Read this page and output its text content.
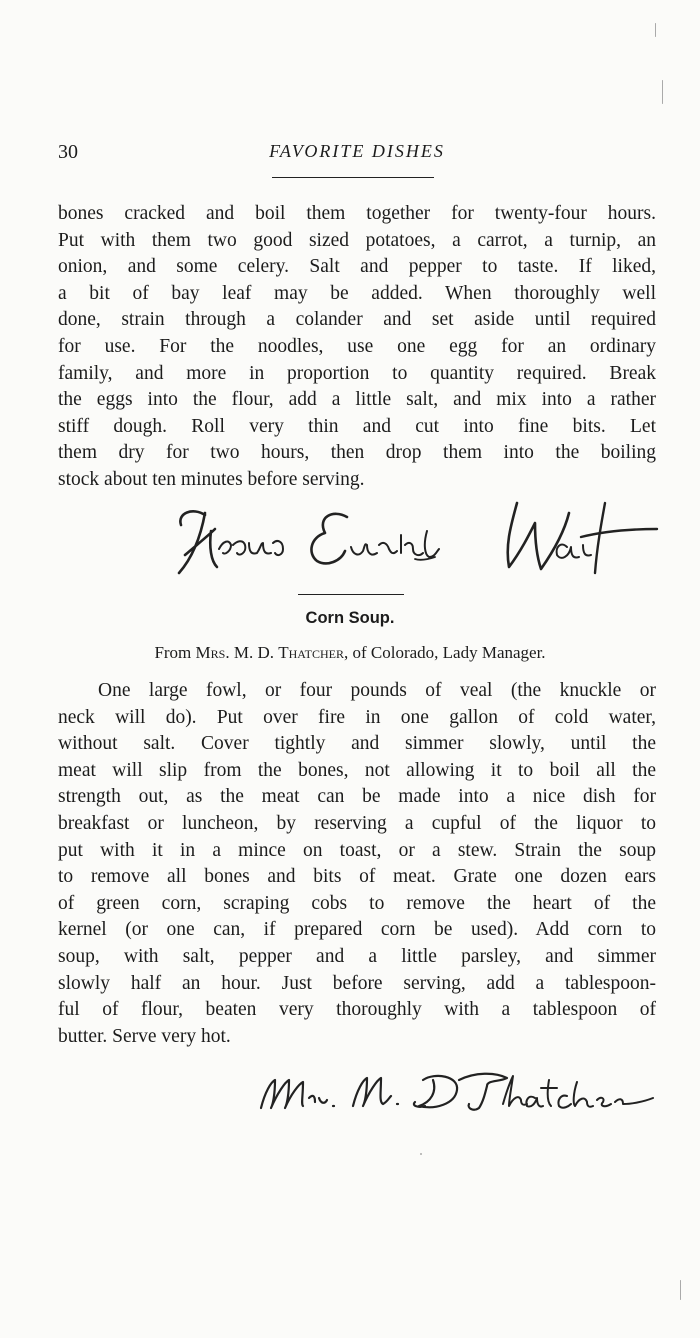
30	FAVORITE DISHES
bones cracked and boil them together for twenty-four hours.
Put with them two good sized potatoes, a carrot, a turnip, an
onion, and some celery. Salt and pepper to taste. If liked,
a bit of bay leaf may be added. When thoroughly well
done, strain through a colander and set aside until required
for use. For the noodles, use one egg for an ordinary
family, and more in proportion to quantity required. Break
the eggs into the flour, add a little salt, and mix into a rather
stiff dough. Roll very thin and cut into fine bits. Let
them dry for two hours, then drop them into the boiling
stock about ten minutes before serving.
Corn Soup.
From Mrs. M. D. Thatcher, of Colorado, Lady Manager.
One large fowl, or four pounds of veal (the knuckle or
neck will do). Put over fire in one gallon of cold water,
without salt. Cover tightly and simmer slowly, until the
meat will slip from the bones, not allowing it to boil all the
strength out, as the meat can be made into a nice dish for
breakfast or luncheon, by reserving a cupful of the liquor to
put with it in a mince on toast, or a stew. Strain the soup
to remove all bones and bits of meat. Grate one dozen ears
of green corn, scraping cobs to remove the heart of the
kernel (or one can, if prepared corn be used). Add corn to
soup, with salt, pepper and a little parsley, and simmer
slowly half an hour. Just before serving, add a tablespoon-
ful of flour, beaten very thoroughly with a tablespoon of
butter. Serve very hot.
